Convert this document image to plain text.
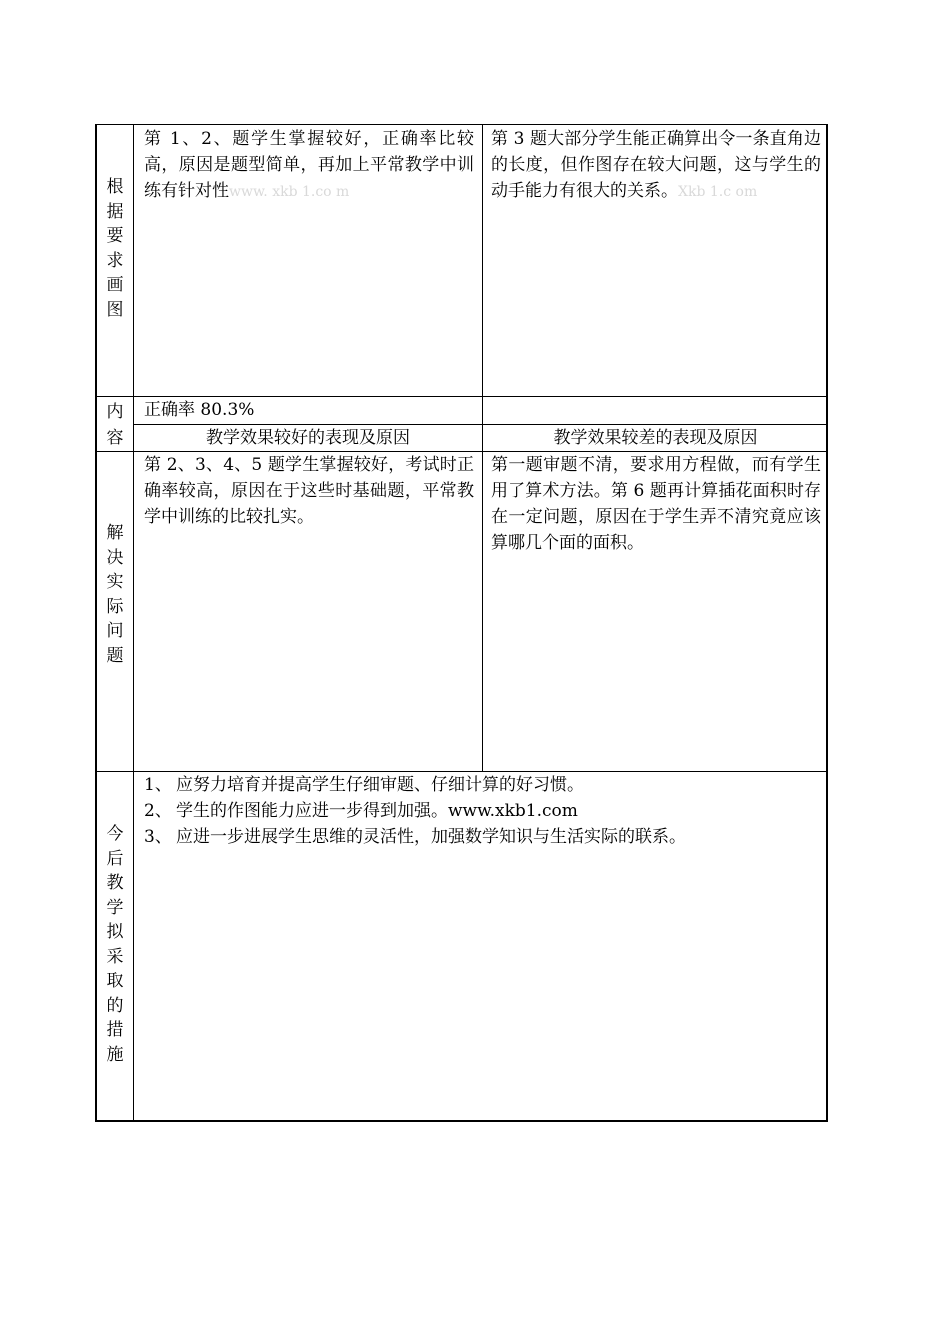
根
据
要
求
画
图
第 1、2、题学生掌握较好，正确率比较高，原因是题型简单，再加上平常教学中训练有针对性www. xkb 1.co m
第 3 题大部分学生能正确算出令一条直角边的长度，但作图存在较大问题，这与学生的动手能力有很大的关系。Xkb 1.c om
内
容
正确率 80.3%
教学效果较好的表现及原因	教学效果较差的表现及原因
解
决
实
际
问
题
第 2、3、4、5 题学生掌握较好，考试时正确率较高，原因在于这些时基础题，平常教学中训练的比较扎实。
第一题审题不清，要求用方程做，而有学生用了算术方法。第 6 题再计算插花面积时存在一定问题，原因在于学生弄不清究竟应该算哪几个面的面积。
今
后
教
学
拟
采
取
的
措
施
1、 应努力培育并提高学生仔细审题、仔细计算的好习惯。
2、 学生的作图能力应进一步得到加强。www.xkb1.com
3、 应进一步进展学生思维的灵活性，加强数学知识与生活实际的联系。
